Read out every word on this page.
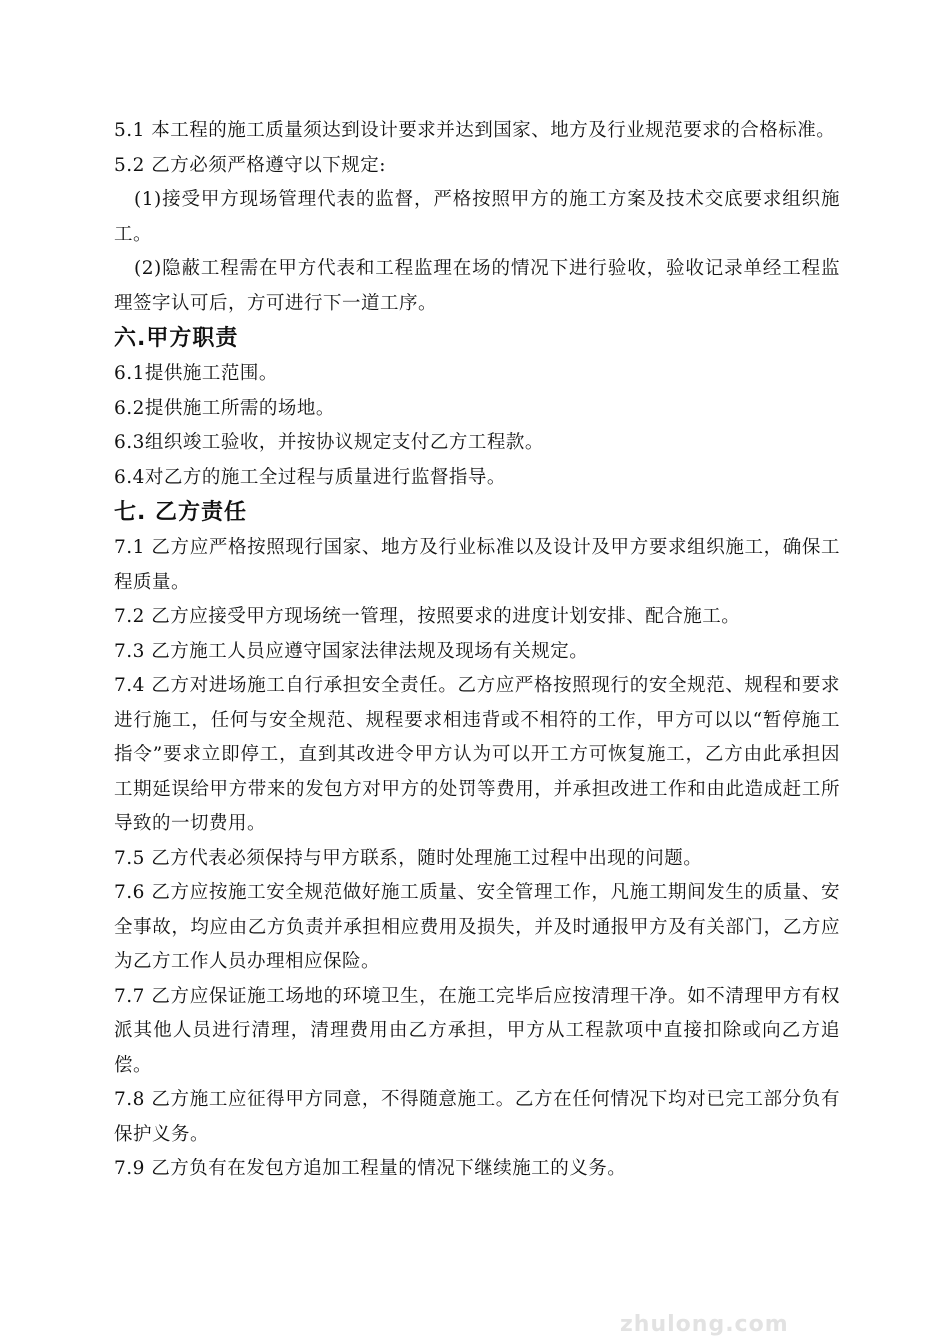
5.1 本工程的施工质量须达到设计要求并达到国家、地方及行业规范要求的合格标准。

5.2 乙方必须严格遵守以下规定:

(1)接受甲方现场管理代表的监督，严格按照甲方的施工方案及技术交底要求组织施工。

(2)隐蔽工程需在甲方代表和工程监理在场的情况下进行验收，验收记录单经工程监理签字认可后，方可进行下一道工序。

六.甲方职责

6.1提供施工范围。

6.2提供施工所需的场地。

6.3组织竣工验收，并按协议规定支付乙方工程款。

6.4对乙方的施工全过程与质量进行监督指导。

七. 乙方责任

7.1 乙方应严格按照现行国家、地方及行业标准以及设计及甲方要求组织施工，确保工程质量。

7.2 乙方应接受甲方现场统一管理，按照要求的进度计划安排、配合施工。

7.3 乙方施工人员应遵守国家法律法规及现场有关规定。

7.4 乙方对进场施工自行承担安全责任。乙方应严格按照现行的安全规范、规程和要求进行施工，任何与安全规范、规程要求相违背或不相符的工作，甲方可以以“暂停施工指令”要求立即停工，直到其改进令甲方认为可以开工方可恢复施工，乙方由此承担因工期延误给甲方带来的发包方对甲方的处罚等费用，并承担改进工作和由此造成赶工所导致的一切费用。

7.5 乙方代表必须保持与甲方联系，随时处理施工过程中出现的问题。

7.6 乙方应按施工安全规范做好施工质量、安全管理工作，凡施工期间发生的质量、安全事故，均应由乙方负责并承担相应费用及损失，并及时通报甲方及有关部门，乙方应为乙方工作人员办理相应保险。

7.7 乙方应保证施工场地的环境卫生，在施工完毕后应按清理干净。如不清理甲方有权派其他人员进行清理，清理费用由乙方承担，甲方从工程款项中直接扣除或向乙方追偿。

7.8 乙方施工应征得甲方同意，不得随意施工。乙方在任何情况下均对已完工部分负有保护义务。

7.9 乙方负有在发包方追加工程量的情况下继续施工的义务。

zhulong.com
